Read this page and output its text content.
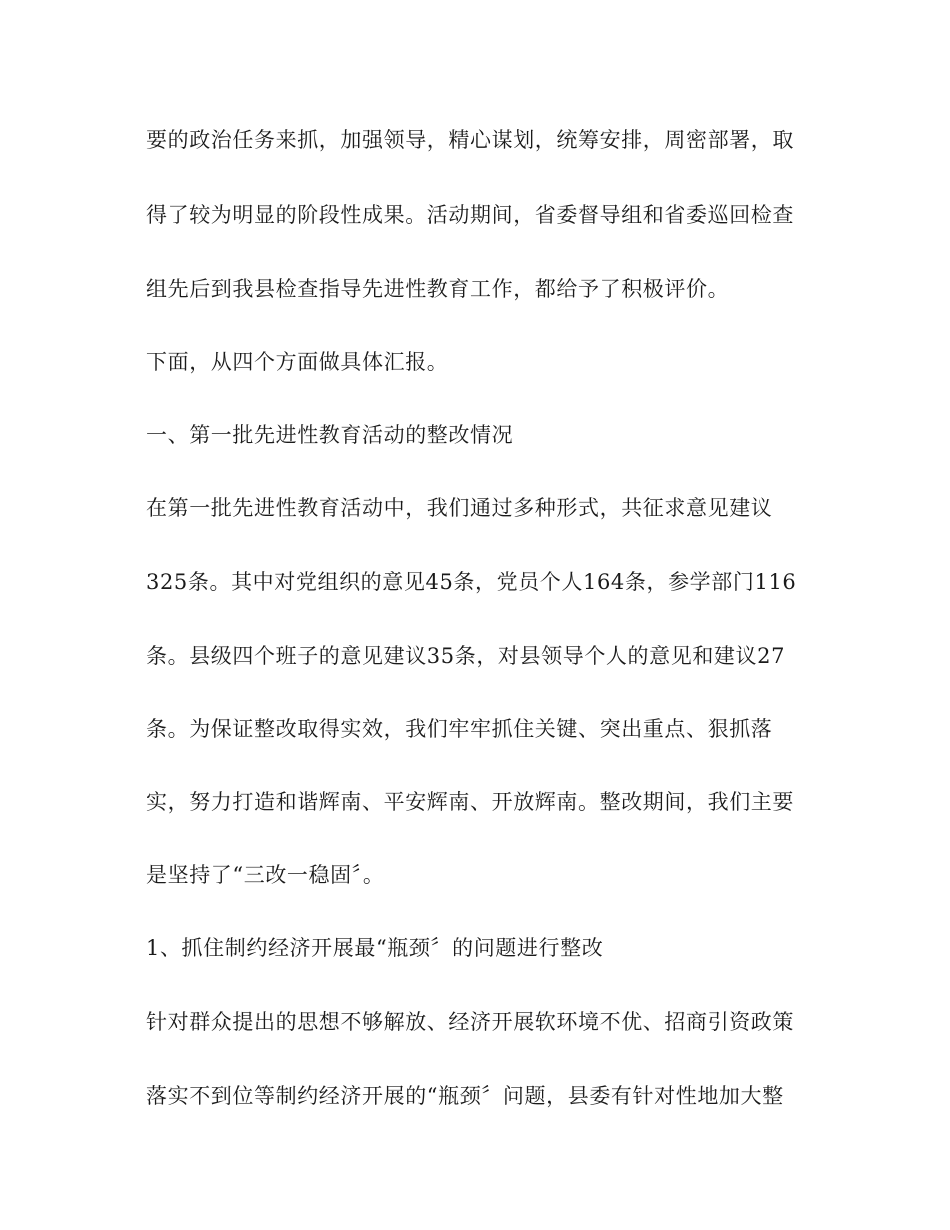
要的政治任务来抓，加强领导，精心谋划，统筹安排，周密部署，取
得了较为明显的阶段性成果。活动期间，省委督导组和省委巡回检查
组先后到我县检查指导先进性教育工作，都给予了积极评价。
下面，从四个方面做具体汇报。
一、第一批先进性教育活动的整改情况
在第一批先进性教育活动中，我们通过多种形式，共征求意见建议
325条。其中对党组织的意见45条，党员个人164条，参学部门116
条。县级四个班子的意见建议35条，对县领导个人的意见和建议27
条。为保证整改取得实效，我们牢牢抓住关键、突出重点、狠抓落
实，努力打造和谐辉南、平安辉南、开放辉南。整改期间，我们主要
是坚持了“三改一稳固〞。
1、抓住制约经济开展最“瓶颈〞的问题进行整改
针对群众提出的思想不够解放、经济开展软环境不优、招商引资政策
落实不到位等制约经济开展的“瓶颈〞问题，县委有针对性地加大整
